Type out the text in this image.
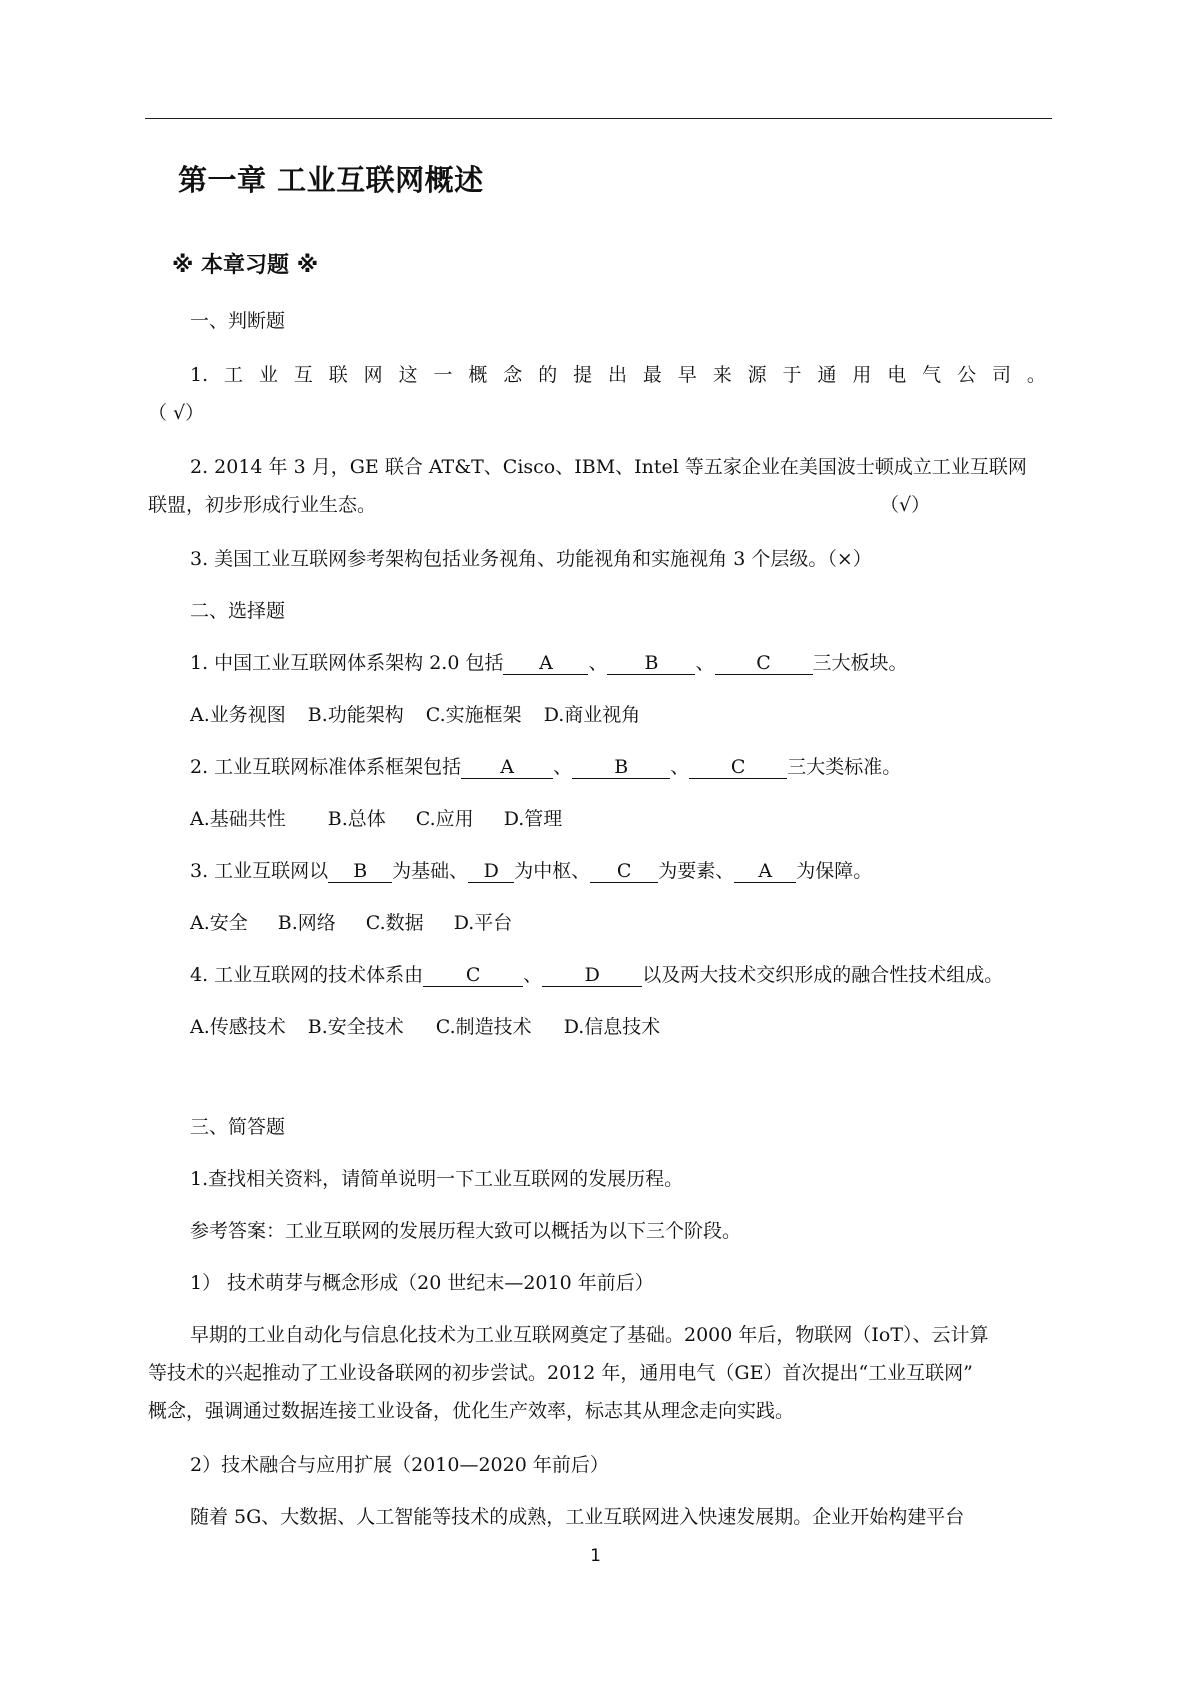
第一章 工业互联网概述
※ 本章习题 ※
一、判断题
1. 工 业 互 联 网 这 一 概 念 的 提 出 最 早 来 源 于 通 用 电 气 公 司 。
（ √）
2. 2014 年 3 月，GE 联合 AT&T、Cisco、IBM、Intel 等五家企业在美国波士顿成立工业互联网
联盟，初步形成行业生态。	（√）
3. 美国工业互联网参考架构包括业务视角、功能视角和实施视角 3 个层级。（×）
二、选择题
1. 中国工业互联网体系架构 2.0 包括 A 、 B 、 C 三大板块。
A.业务视图 B.功能架构 C.实施框架 D.商业视角
2. 工业互联网标准体系框架包括 A 、 B 、 C 三大类标准。
A.基础共性 B.总体 C.应用 D.管理
3. 工业互联网以 B 为基础、 D 为中枢、 C 为要素、 A 为保障。
A.安全 B.网络 C.数据 D.平台
4. 工业互联网的技术体系由 C 、 D 以及两大技术交织形成的融合性技术组成。
A.传感技术 B.安全技术 C.制造技术 D.信息技术
三、简答题
1.查找相关资料，请简单说明一下工业互联网的发展历程。
参考答案：工业互联网的发展历程大致可以概括为以下三个阶段。
1） 技术萌芽与概念形成（20 世纪末—2010 年前后）
早期的工业自动化与信息化技术为工业互联网奠定了基础。2000 年后，物联网（IoT）、云计算
等技术的兴起推动了工业设备联网的初步尝试。2012 年，通用电气（GE）首次提出“工业互联网”
概念，强调通过数据连接工业设备，优化生产效率，标志其从理念走向实践。
2）技术融合与应用扩展（2010—2020 年前后）
随着 5G、大数据、人工智能等技术的成熟，工业互联网进入快速发展期。企业开始构建平台
1
